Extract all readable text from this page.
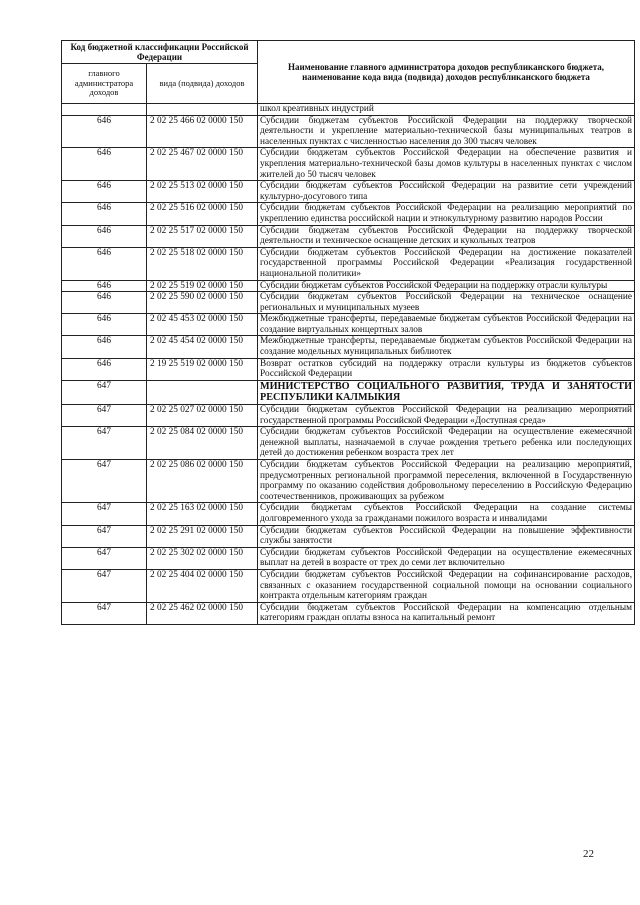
Код бюджетной классификации Российской Федерации		Наименование главного администратора доходов республиканского бюджета, наименование кода вида (подвида) доходов республиканского бюджета
главного администратора доходов	вида (подвида) доходов	
		школ креативных индустрий
646	2 02 25 466 02 0000 150	Субсидии бюджетам субъектов Российской Федерации на поддержку творческой деятельности и укрепление материально-технической базы муниципальных театров в населенных пунктах с численностью населения до 300 тысяч человек
646	2 02 25 467 02 0000 150	Субсидии бюджетам субъектов Российской Федерации на обеспечение развития и укрепления материально-технической базы домов культуры в населенных пунктах с числом жителей до 50 тысяч человек
646	2 02 25 513 02 0000 150	Субсидии бюджетам субъектов Российской Федерации на развитие сети учреждений культурно-досугового типа
646	2 02 25 516 02 0000 150	Субсидии бюджетам субъектов Российской Федерации на реализацию мероприятий по укреплению единства российской нации и этнокультурному развитию народов России
646	2 02 25 517 02 0000 150	Субсидии бюджетам субъектов Российской Федерации на поддержку творческой деятельности и техническое оснащение детских и кукольных театров
646	2 02 25 518 02 0000 150	Субсидии бюджетам субъектов Российской Федерации на достижение показателей государственной программы Российской Федерации «Реализация государственной национальной политики»
646	2 02 25 519 02 0000 150	Субсидии бюджетам субъектов Российской Федерации на поддержку отрасли культуры
646	2 02 25 590 02 0000 150	Субсидии бюджетам субъектов Российской Федерации на техническое оснащение региональных и муниципальных музеев
646	2 02 45 453 02 0000 150	Межбюджетные трансферты, передаваемые бюджетам субъектов Российской Федерации на создание виртуальных концертных залов
646	2 02 45 454 02 0000 150	Межбюджетные трансферты, передаваемые бюджетам субъектов Российской Федерации на создание модельных муниципальных библиотек
646	2 19 25 519 02 0000 150	Возврат остатков субсидий на поддержку отрасли культуры из бюджетов субъектов Российской Федерации
647		МИНИСТЕРСТВО СОЦИАЛЬНОГО РАЗВИТИЯ, ТРУДА И ЗАНЯТОСТИ РЕСПУБЛИКИ КАЛМЫКИЯ
647	2 02 25 027 02 0000 150	Субсидии бюджетам субъектов Российской Федерации на реализацию мероприятий государственной программы Российской Федерации «Доступная среда»
647	2 02 25 084 02 0000 150	Субсидии бюджетам субъектов Российской Федерации на осуществление ежемесячной денежной выплаты, назначаемой в случае рождения третьего ребенка или последующих детей до достижения ребенком возраста трех лет
647	2 02 25 086 02 0000 150	Субсидии бюджетам субъектов Российской Федерации на реализацию мероприятий, предусмотренных региональной программой переселения, включенной в Государственную программу по оказанию содействия добровольному переселению в Российскую Федерацию соотечественников, проживающих за рубежом
647	2 02 25 163 02 0000 150	Субсидии бюджетам субъектов Российской Федерации на создание системы долговременного ухода за гражданами пожилого возраста и инвалидами
647	2 02 25 291 02 0000 150	Субсидии бюджетам субъектов Российской Федерации на повышение эффективности службы занятости
647	2 02 25 302 02 0000 150	Субсидии бюджетам субъектов Российской Федерации на осуществление ежемесячных выплат на детей в возрасте от трех до семи лет включительно
647	2 02 25 404 02 0000 150	Субсидии бюджетам субъектов Российской Федерации на софинансирование расходов, связанных с оказанием государственной социальной помощи на основании социального контракта отдельным категориям граждан
647	2 02 25 462 02 0000 150	Субсидии бюджетам субъектов Российской Федерации на компенсацию отдельным категориям граждан оплаты взноса на капитальный ремонт
22
